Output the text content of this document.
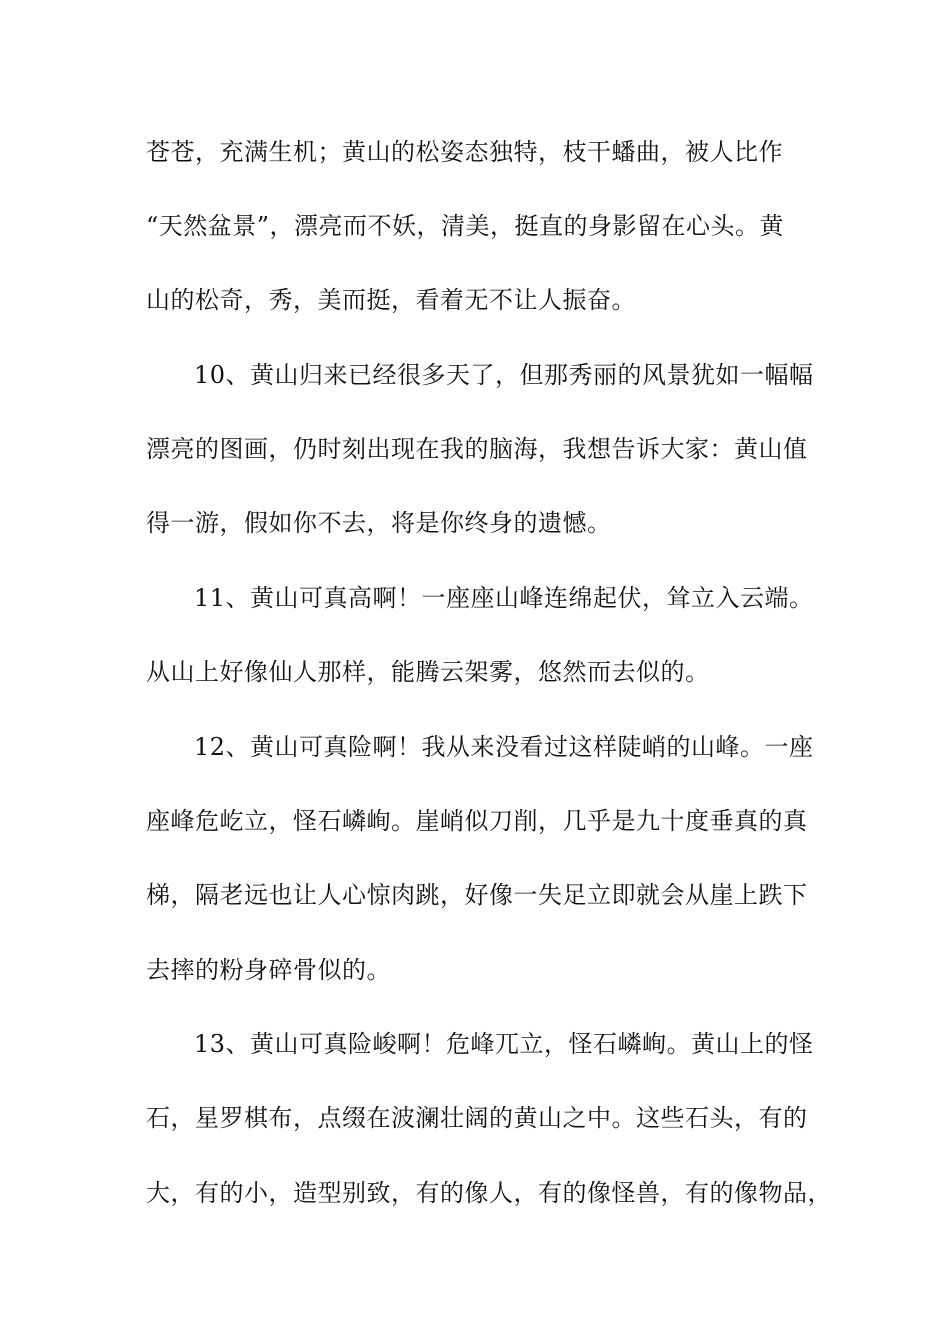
苍苍，充满生机；黄山的松姿态独特，枝干蟠曲，被人比作
“天然盆景”，漂亮而不妖，清美，挺直的身影留在心头。黄
山的松奇，秀，美而挺，看着无不让人振奋。
10、黄山归来已经很多天了，但那秀丽的风景犹如一幅幅
漂亮的图画，仍时刻出现在我的脑海，我想告诉大家：黄山值
得一游，假如你不去，将是你终身的遗憾。
11、黄山可真高啊！一座座山峰连绵起伏，耸立入云端。
从山上好像仙人那样，能腾云架雾，悠然而去似的。
12、黄山可真险啊！我从来没看过这样陡峭的山峰。一座
座峰危屹立，怪石嶙峋。崖峭似刀削，几乎是九十度垂真的真
梯，隔老远也让人心惊肉跳，好像一失足立即就会从崖上跌下
去摔的粉身碎骨似的。
13、黄山可真险峻啊！危峰兀立，怪石嶙峋。黄山上的怪
石，星罗棋布，点缀在波澜壮阔的黄山之中。这些石头，有的
大，有的小，造型别致，有的像人，有的像怪兽，有的像物品，
